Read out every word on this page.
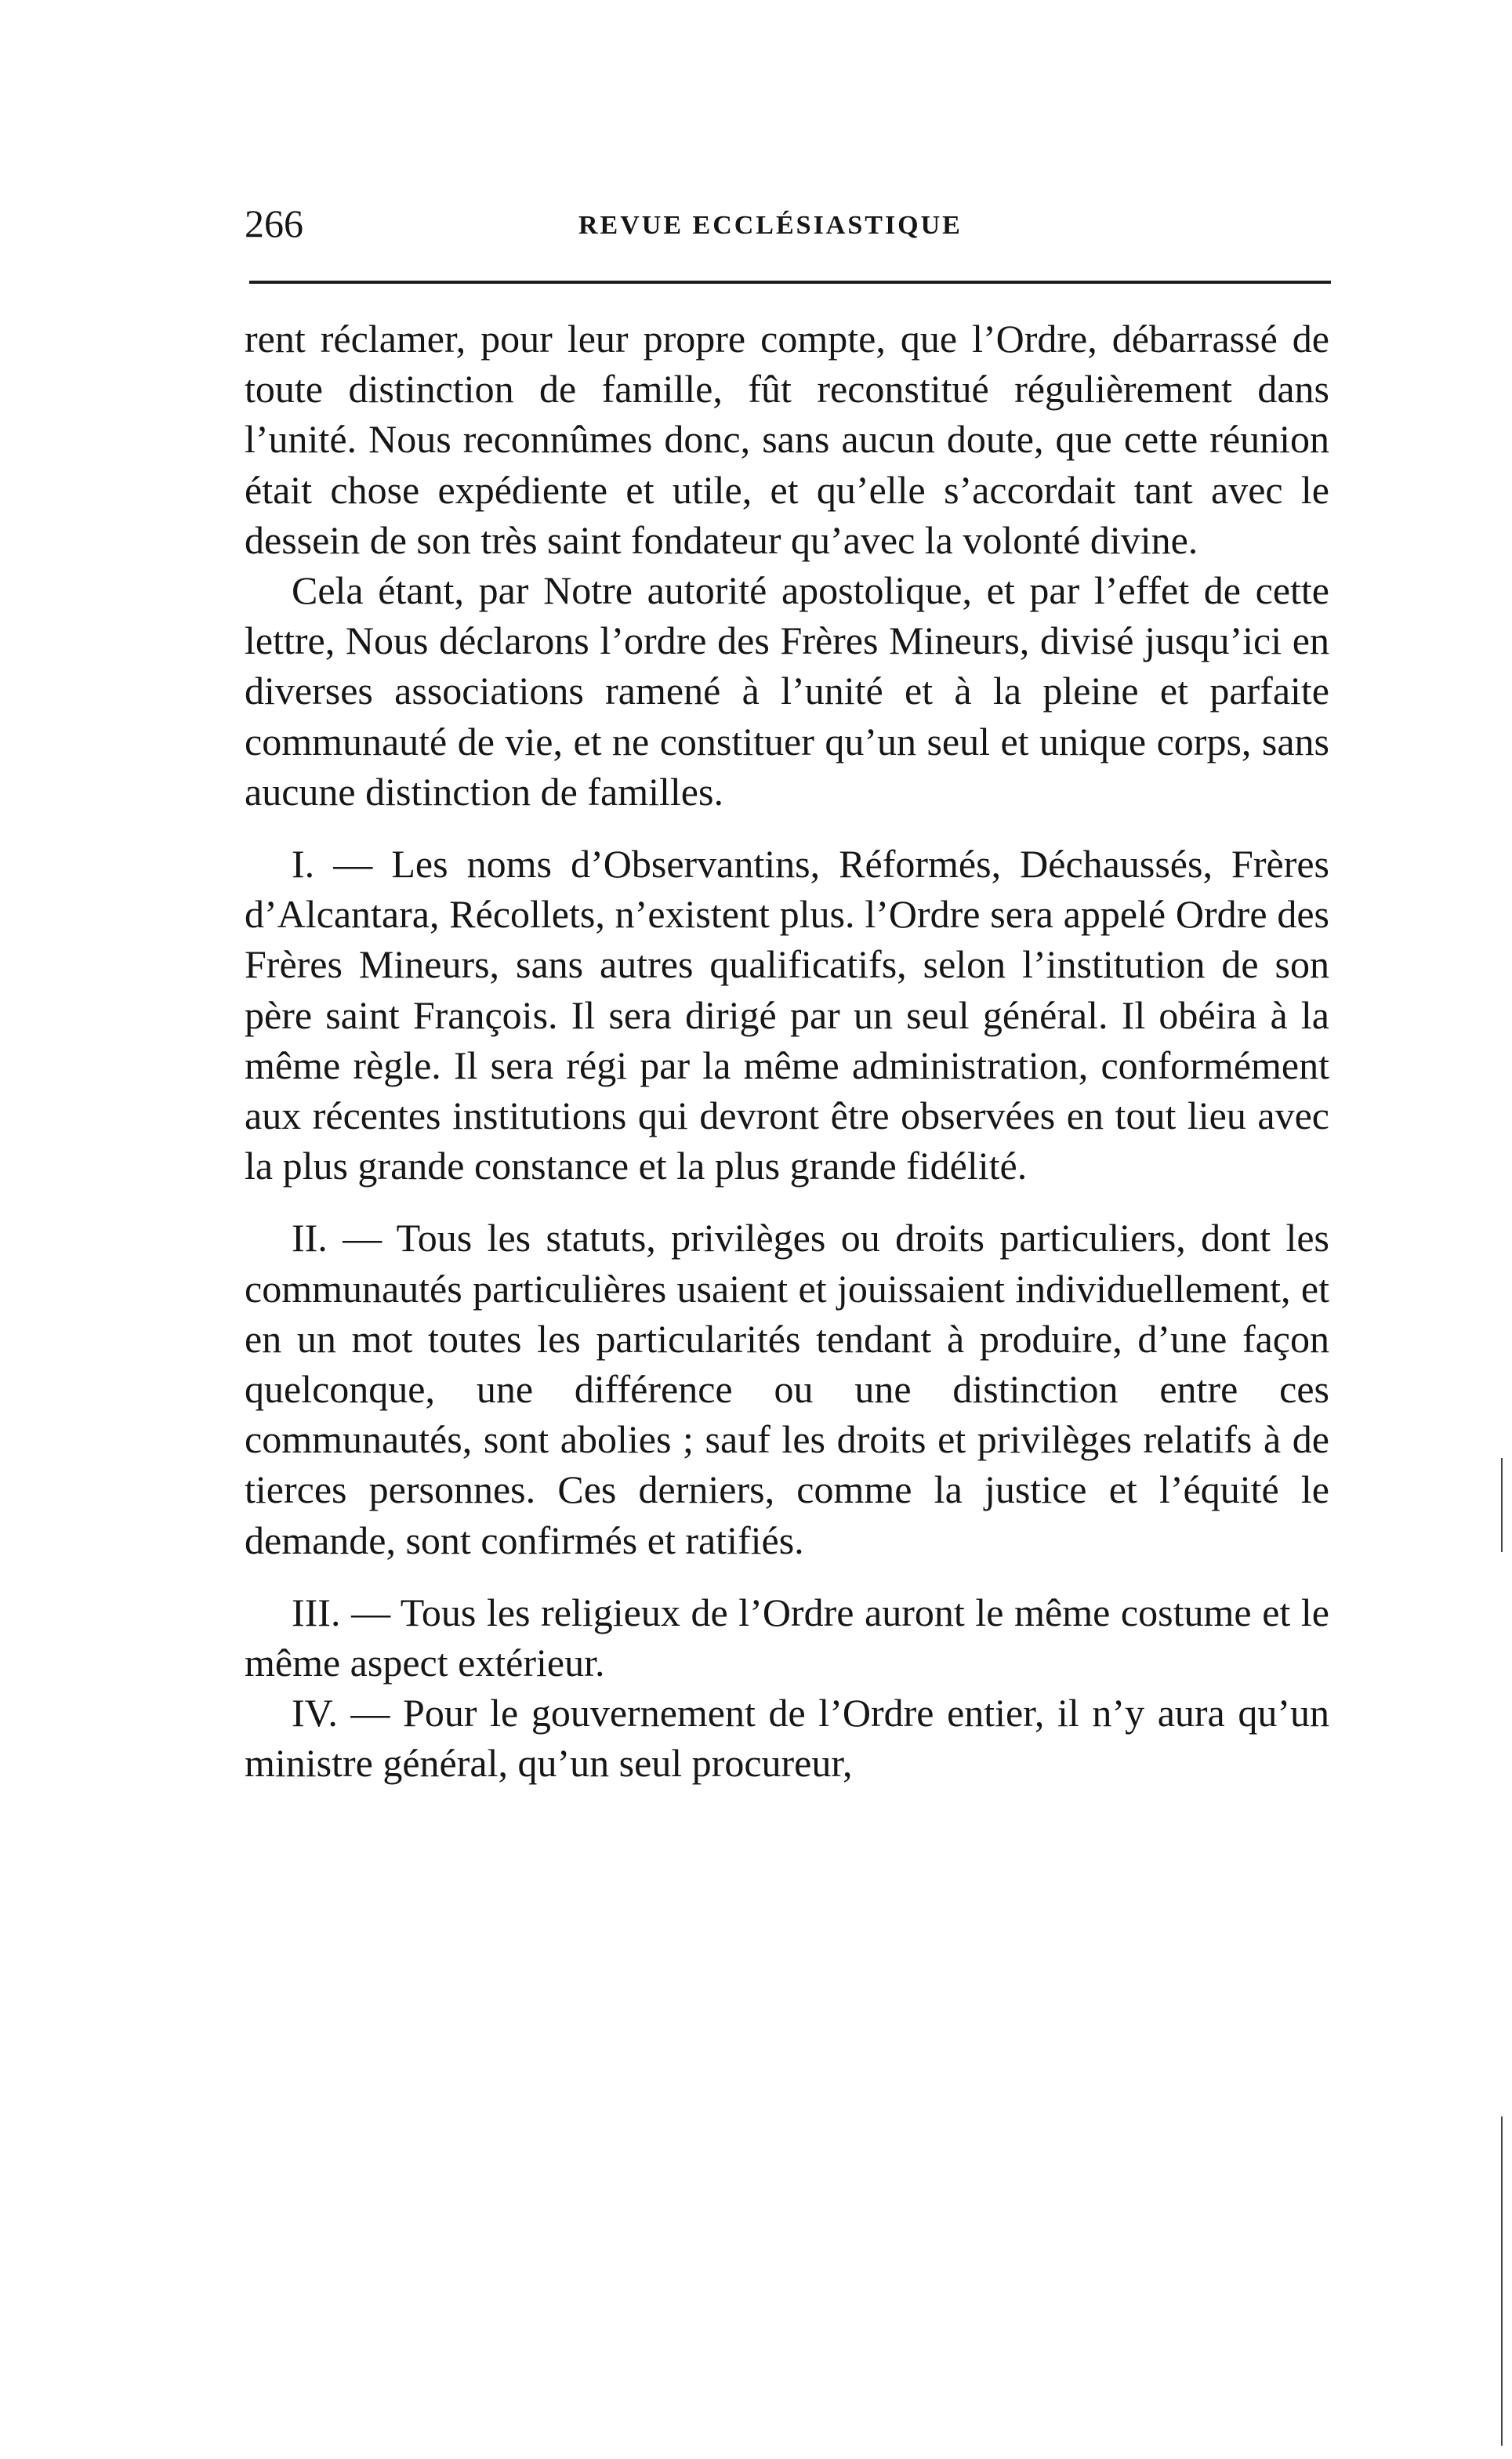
266	REVUE ECCLÉSIASTIQUE

rent réclamer, pour leur propre compte, que l’Ordre, débarrassé de toute distinction de famille, fût reconstitué régulièrement dans l’unité. Nous reconnûmes donc, sans aucun doute, que cette réunion était chose expédiente et utile, et qu’elle s’accordait tant avec le dessein de son très saint fondateur qu’avec la volonté divine.

Cela étant, par Notre autorité apostolique, et par l’effet de cette lettre, Nous déclarons l’ordre des Frères Mineurs, divisé jusqu’ici en diverses associations ramené à l’unité et à la pleine et parfaite communauté de vie, et ne constituer qu’un seul et unique corps, sans aucune distinction de familles.

I. — Les noms d’Observantins, Réformés, Déchaussés, Frères d’Alcantara, Récollets, n’existent plus. l’Ordre sera appelé Ordre des Frères Mineurs, sans autres qualificatifs, selon l’institution de son père saint François. Il sera dirigé par un seul général. Il obéira à la même règle. Il sera régi par la même administration, conformément aux récentes institutions qui devront être observées en tout lieu avec la plus grande constance et la plus grande fidélité.

II. — Tous les statuts, privilèges ou droits particuliers, dont les communautés particulières usaient et jouissaient individuellement, et en un mot toutes les particularités tendant à produire, d’une façon quelconque, une différence ou une distinction entre ces communautés, sont abolies ; sauf les droits et privilèges relatifs à de tierces personnes. Ces derniers, comme la justice et l’équité le demande, sont confirmés et ratifiés.

III. — Tous les religieux de l’Ordre auront le même costume et le même aspect extérieur.

IV. — Pour le gouvernement de l’Ordre entier, il n’y aura qu’un ministre général, qu’un seul procureur,
